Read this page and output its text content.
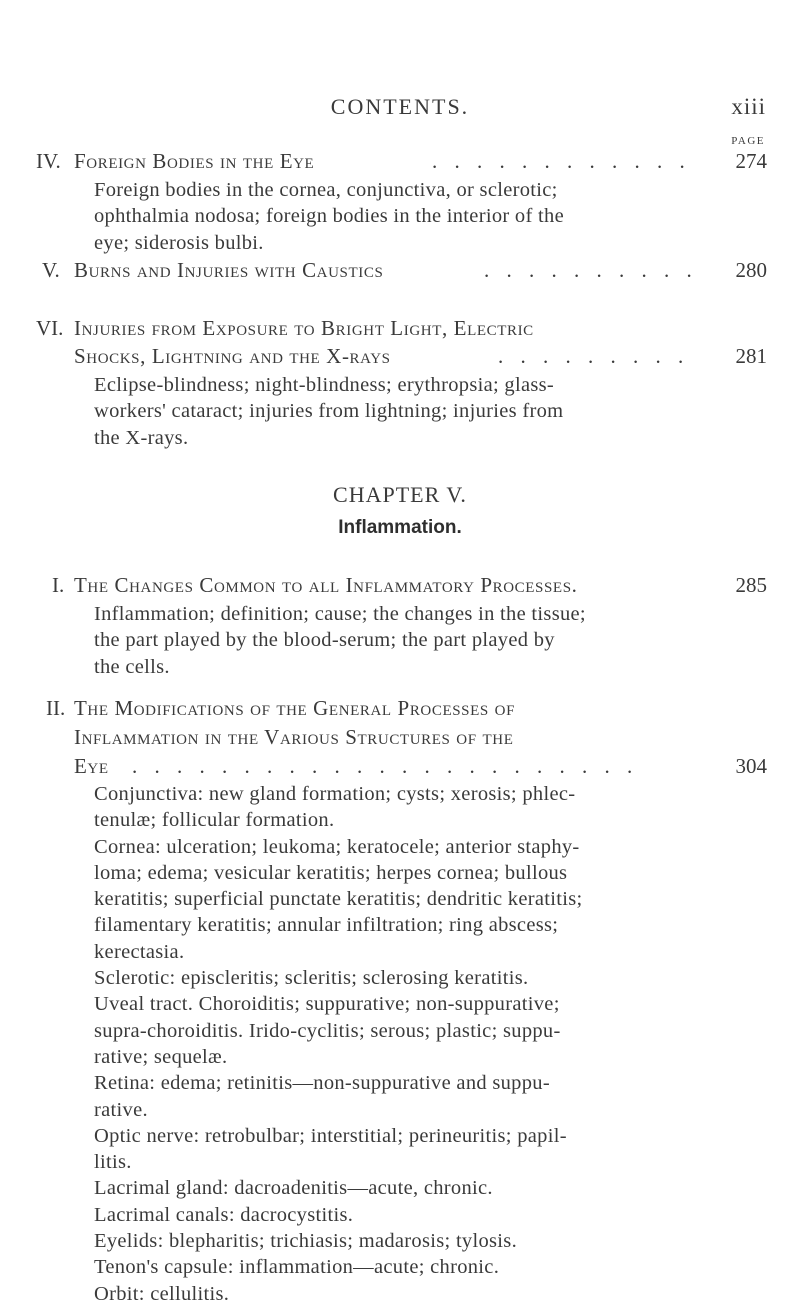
CONTENTS.	xiii
PAGE
IV. Foreign Bodies in the Eye	. . . . . . . . . . . .	274
Foreign bodies in the cornea, conjunctiva, or sclerotic;
ophthalmia nodosa; foreign bodies in the interior of the
eye; siderosis bulbi.
V. Burns and Injuries with Caustics	. . . . . . . . . .	280
VI. Injuries from Exposure to Bright Light, Electric
Shocks, Lightning and the X-rays	. . . . . . . . .	281
Eclipse-blindness; night-blindness; erythropsia; glass-
workers' cataract; injuries from lightning; injuries from
the X-rays.
CHAPTER V.
Inflammation.
I. The Changes Common to all Inflammatory Processes.	285
Inflammation; definition; cause; the changes in the tissue;
the part played by the blood-serum; the part played by
the cells.
II. The Modifications of the General Processes of
Inflammation in the Various Structures of the
Eye . . . . . . . . . . . . . . . . . . . . . . .	304
Conjunctiva: new gland formation; cysts; xerosis; phlec-
tenulæ; follicular formation.
Cornea: ulceration; leukoma; keratocele; anterior staphy-
loma; edema; vesicular keratitis; herpes cornea; bullous
keratitis; superficial punctate keratitis; dendritic keratitis;
filamentary keratitis; annular infiltration; ring abscess;
kerectasia.
Sclerotic: episcleritis; scleritis; sclerosing keratitis.
Uveal tract. Choroiditis; suppurative; non-suppurative;
supra-choroiditis. Irido-cyclitis; serous; plastic; suppu-
rative; sequelæ.
Retina: edema; retinitis—non-suppurative and suppu-
rative.
Optic nerve: retrobulbar; interstitial; perineuritis; papil-
litis.
Lacrimal gland: dacroadenitis—acute, chronic.
Lacrimal canals: dacrocystitis.
Eyelids: blepharitis; trichiasis; madarosis; tylosis.
Tenon's capsule: inflammation—acute; chronic.
Orbit: cellulitis.
